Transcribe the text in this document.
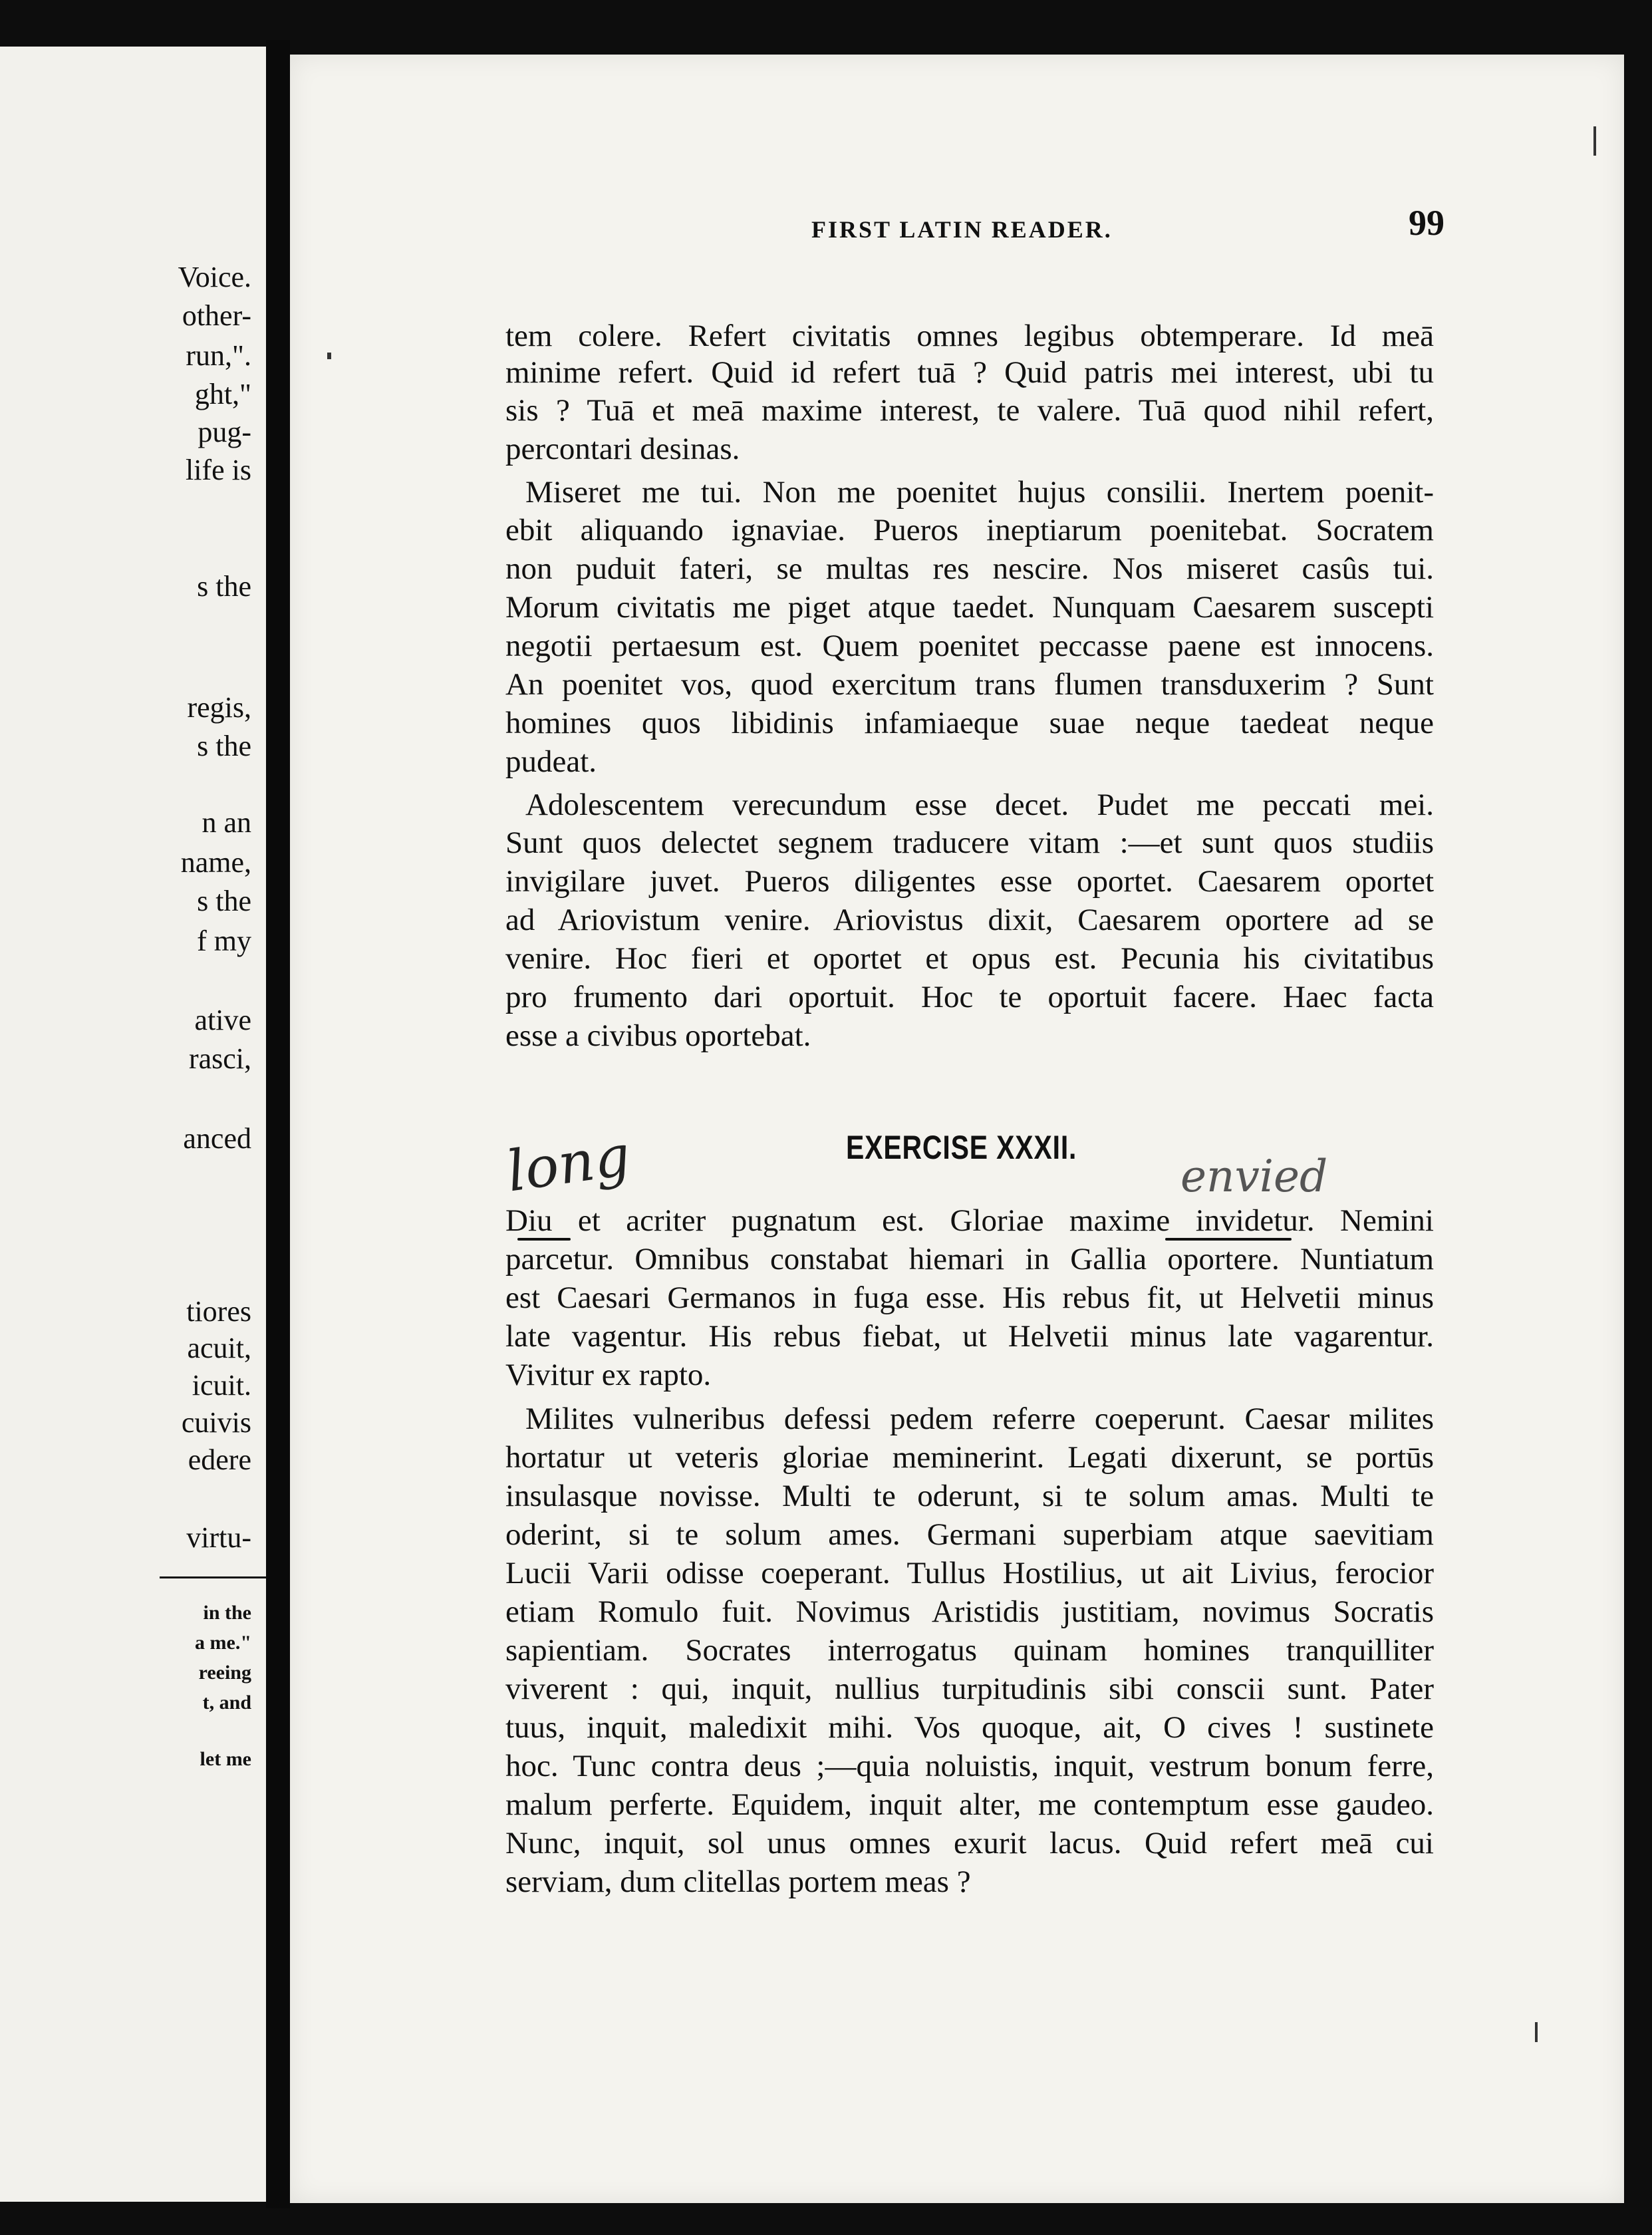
Voice.

other-

run,".

ght,"

pug-

life is

s the

regis,

s the

n an

name,

s the

f my

ative

rasci,

anced

tiores

acuit,

icuit.

cuivis

edere

virtu-

in the

a me."

reeing

t, and

let me

FIRST LATIN READER.	99

tem colere. Refert civitatis omnes legibus obtemperare. Id meā

minime refert. Quid id refert tuā ? Quid patris mei interest, ubi tu

sis ? Tuā et meā maxime interest, te valere. Tuā quod nihil refert,

percontari desinas.

Miseret me tui. Non me poenitet hujus consilii. Inertem poenit-

ebit aliquando ignaviae. Pueros ineptiarum poenitebat. Socratem

non puduit fateri, se multas res nescire. Nos miseret casûs tui.

Morum civitatis me piget atque taedet. Nunquam Caesarem suscepti

negotii pertaesum est. Quem poenitet peccasse paene est innocens.

An poenitet vos, quod exercitum trans flumen transduxerim ? Sunt

homines quos libidinis infamiaeque suae neque taedeat neque

pudeat.

Adolescentem verecundum esse decet. Pudet me peccati mei.

Sunt quos delectet segnem traducere vitam :—et sunt quos studiis

invigilare juvet. Pueros diligentes esse oportet. Caesarem oportet

ad Ariovistum venire. Ariovistus dixit, Caesarem oportere ad se

venire. Hoc fieri et oportet et opus est. Pecunia his civitatibus

pro frumento dari oportuit. Hoc te oportuit facere. Haec facta

esse a civibus oportebat.

EXERCISE XXXII.

Diu et acriter pugnatum est. Gloriae maxime invidetur. Nemini

parcetur. Omnibus constabat hiemari in Gallia oportere. Nuntiatum

est Caesari Germanos in fuga esse. His rebus fit, ut Helvetii minus

late vagentur. His rebus fiebat, ut Helvetii minus late vagarentur.

Vivitur ex rapto.

Milites vulneribus defessi pedem referre coeperunt. Caesar milites

hortatur ut veteris gloriae meminerint. Legati dixerunt, se portūs

insulasque novisse. Multi te oderunt, si te solum amas. Multi te

oderint, si te solum ames. Germani superbiam atque saevitiam

Lucii Varii odisse coeperant. Tullus Hostilius, ut ait Livius, ferocior

etiam Romulo fuit. Novimus Aristidis justitiam, novimus Socratis

sapientiam. Socrates interrogatus quinam homines tranquilliter

viverent : qui, inquit, nullius turpitudinis sibi conscii sunt. Pater

tuus, inquit, maledixit mihi. Vos quoque, ait, O cives ! sustinete

hoc. Tunc contra deus ;—quia noluistis, inquit, vestrum bonum ferre,

malum perferte. Equidem, inquit alter, me contemptum esse gaudeo.

Nunc, inquit, sol unus omnes exurit lacus. Quid refert meā cui

serviam, dum clitellas portem meas ?

long	envied
